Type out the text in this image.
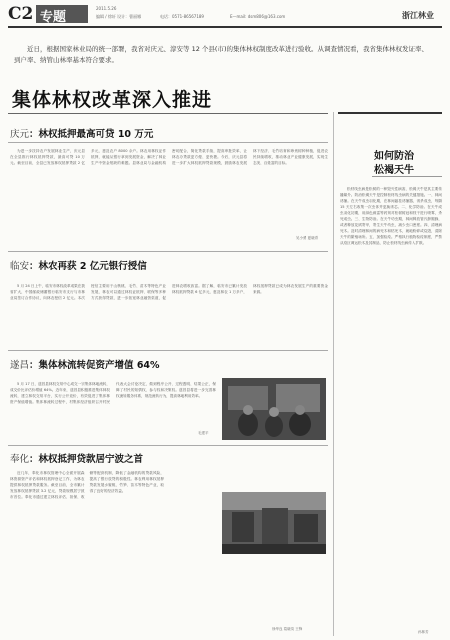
C2 专题
2011.5.26
编辑 / 徐轩 设计：曹丽娜	电话：0571-86567189	E—mail: dsm806@163.com	浙江林业
近日，根据国家林业局的统一部署，我省对庆元、淳安等 12 个县(市)的集体林权制度改革进行验收。从调查情况看，我省集体林权发证率、到户率、纳管山林率基本符合要求。
集体林权改革深入推进
庆元：林权抵押最高可贷 10 万元

为进一步扶持农户发展林业生产，庆元县在全县推行林权抵押贷款，最高可贷 10 万元。截至目前，全县已发放林权抵押贷款 2 亿多元，惠及农户 8000 余户。林农用林权证作抵押，就能从银行拿到发展资金，解决了林业生产中资金短缺的难题。县林业局与金融机构密切配合，简化贷款手续，提高审批效率，让林农办贷款更方便、更快捷。今后，庆元县将进一步扩大林权抵押贷款规模，鼓励林农发展林下经济、毛竹培育和珍贵树种种植，促进农民持续增收，推动林业产业健康发展，实现生态美、百姓富的目标。

吴小勇 夏晓青
临安：林农再获 2 亿元银行授信

5 月 24 日上午，临安市林权改革成果在我省扩大，中国邮政储蓄银行临安市支行与市林业局签订合作协议，向林农授信 2 亿元。本次授信主要用于山核桃、毛竹、苗木等特色产业发展，林农可以通过林权证抵押、联保等多种方式获得贷款，进一步拓宽林业融资渠道，促进林农增收致富。据了解，临安市已累计发放林权抵押贷款 6 亿多元，惠及林农 1 万多户，林权抵押贷款已成为林农发展生产的重要资金来源。

遂昌：集体林流转促资产增值 64%

5 月 17 日，遂昌县林权交易中心成交一宗集体林地流转，成交价比评估价增值 64%。近年来，遂昌县积极推进集体林权流转，建立林权交易平台，实行公开竞价，有效促进了集体林资产保值增值。集体林流转过程中，村集体经济组织召开村民代表大会讨论决定，做到程序公开、过程透明、结果公正，保障了村民的知情权、参与权和决策权。遂昌县将进一步完善林权流转服务体系，规范流转行为，提高林地利用效率。

毛建平
奉化：林权抵押贷款居宁波之首

近几年，奉化市林权管理中心全面开展森林资源资产评估和林权抵押登记工作，为林农提供林权抵押贷款服务。截至目前，全市累计发放林权抵押贷款 3.2 亿元，贷款规模居宁波市首位。奉化市通过建立林权评估、担保、收储等配套机制，降低了金融机构的贷款风险，提高了银行放贷的积极性。林农利用林权抵押贷款发展水蜜桃、竹笋、苗木等特色产业，取得了良好的经济效益。

徐华良 葛晓岚 王锋
如何防治
松褐天牛

松材线虫病是松树的一种毁灭性病害，松褐天牛是其主要传播媒介。防治松褐天牛是控制松材线虫病的关键措施。一、林间诱捕。在天牛成虫羽化期，在林间悬挂诱捕器，诱杀成虫，每隔 15 天左右收集一次虫体并更换诱芯。二、化学防治。在天牛成虫羽化初期，用绿色威雷等药剂对松树树冠和枝干进行喷雾，杀死成虫。三、生物防治。在天牛幼虫期，林间释放管氏肿腿蜂，或者释放花绒寄甲，寄生天牛幼虫，减少虫口密度。四、清理病死木。及时清理林间的病死木和枯死木，就地粉碎或烧毁，清除天牛的繁殖场所。五、加强检疫。严格执行植物检疫制度，严禁从疫区调运松木及其制品，防止松材线虫病传入扩散。

孙林芳
